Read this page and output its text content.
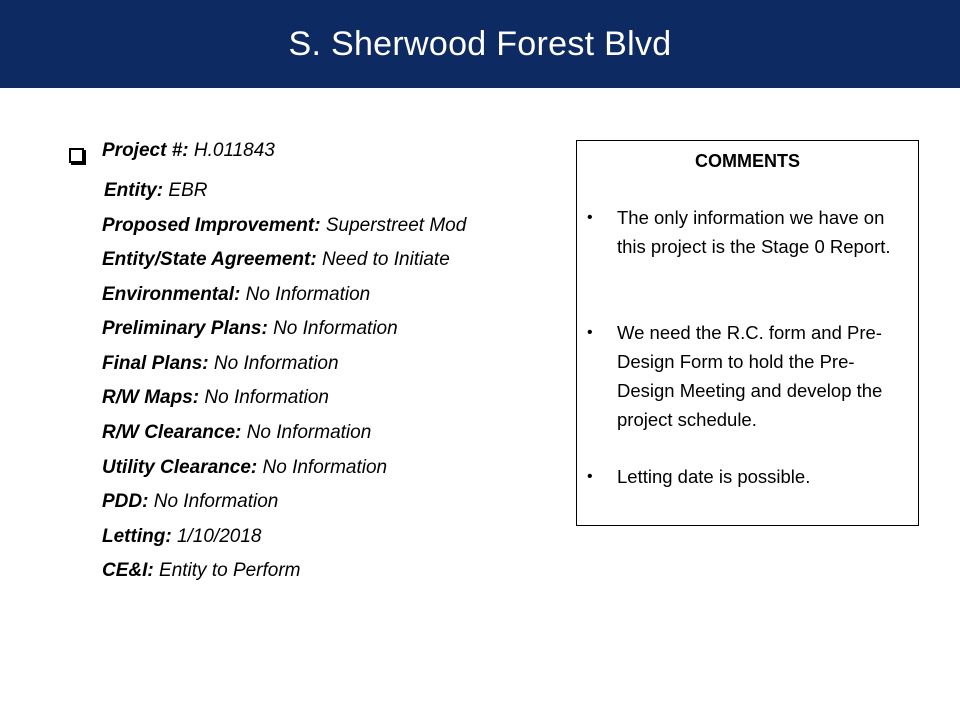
S. Sherwood Forest Blvd
Project #: H.011843
Entity: EBR
Proposed Improvement: Superstreet Mod
Entity/State Agreement: Need to Initiate
Environmental: No Information
Preliminary Plans: No Information
Final Plans: No Information
R/W Maps: No Information
R/W Clearance: No Information
Utility Clearance: No Information
PDD: No Information
Letting: 1/10/2018
CE&I: Entity to Perform
COMMENTS
• The only information we have on this project is the Stage 0 Report.
• We need the R.C. form and Pre-Design Form to hold the Pre-Design Meeting and develop the project schedule.
• Letting date is possible.
